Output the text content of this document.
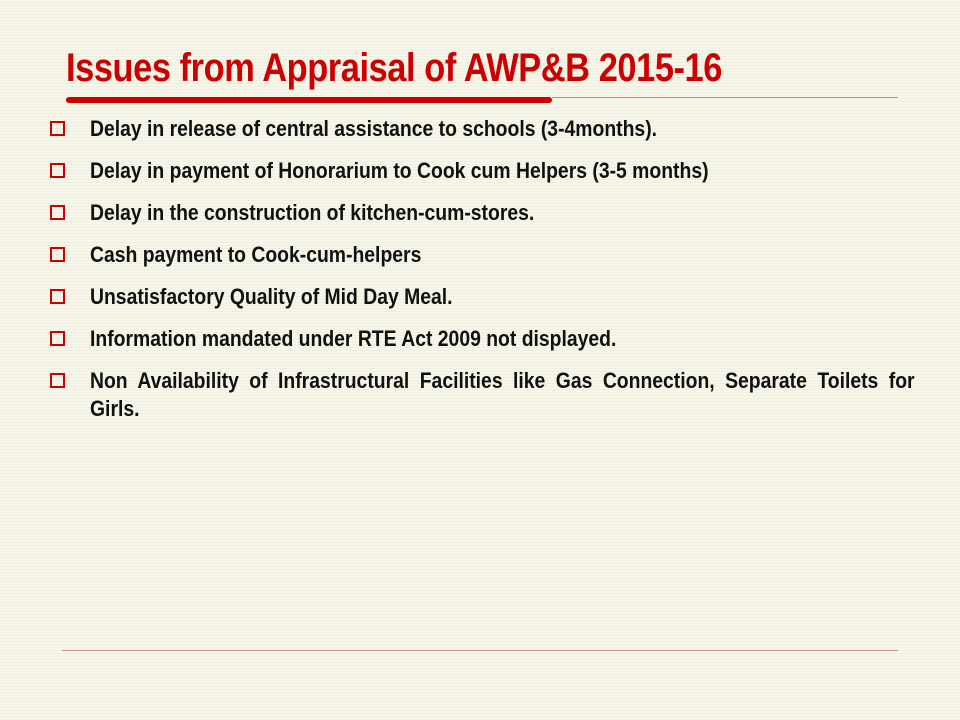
Issues from Appraisal of AWP&B 2015-16
Delay in release of central assistance to schools (3-4months).
Delay in payment of Honorarium to Cook cum Helpers (3-5 months)
Delay in the construction of kitchen-cum-stores.
Cash payment to Cook-cum-helpers
Unsatisfactory Quality of Mid Day Meal.
Information mandated under RTE Act 2009 not displayed.
Non Availability of Infrastructural Facilities like Gas Connection, Separate Toilets for Girls.
